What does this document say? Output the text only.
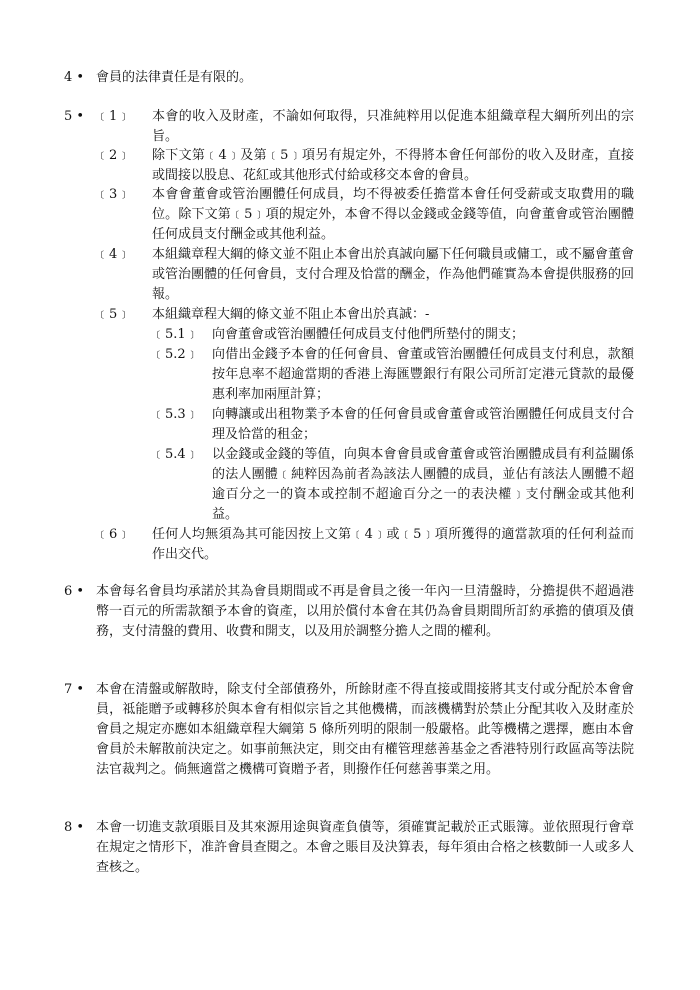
4 • 會員的法律責任是有限的。
5 • ﹝1﹞ 本會的收入及財產，不論如何取得，只准純粹用以促進本組織章程大綱所列出的宗旨。
﹝2﹞ 除下文第﹝4﹞及第﹝5﹞項另有規定外，不得將本會任何部份的收入及財產，直接或間接以股息、花紅或其他形式付給或移交本會的會員。
﹝3﹞ 本會會董會或管治團體任何成員，均不得被委任擔當本會任何受薪或支取費用的職位。除下文第﹝5﹞項的規定外，本會不得以金錢或金錢等值，向會董會或管治團體任何成員支付酬金或其他利益。
﹝4﹞ 本組織章程大綱的條文並不阻止本會出於真誠向屬下任何職員或傭工，或不屬會董會或管治團體的任何會員，支付合理及恰當的酬金，作為他們確實為本會提供服務的回報。
﹝5﹞ 本組織章程大綱的條文並不阻止本會出於真誠：-
﹝5.1﹞ 向會董會或管治團體任何成員支付他們所墊付的開支；
﹝5.2﹞ 向借出金錢予本會的任何會員、會董或管治團體任何成員支付利息，款額按年息率不超逾當期的香港上海匯豐銀行有限公司所訂定港元貸款的最優惠利率加兩厘計算；
﹝5.3﹞ 向轉讓或出租物業予本會的任何會員或會董會或管治團體任何成員支付合理及恰當的租金；
﹝5.4﹞ 以金錢或金錢的等值，向與本會會員或會董會或管治團體成員有利益關係的法人團體﹝純粹因為前者為該法人團體的成員，並佔有該法人團體不超逾百分之一的資本或控制不超逾百分之一的表決權﹞支付酬金或其他利益。
﹝6﹞ 任何人均無須為其可能因按上文第﹝4﹞或﹝5﹞項所獲得的適當款項的任何利益而作出交代。
6 • 本會每名會員均承諾於其為會員期間或不再是會員之後一年內一旦清盤時，分擔提供不超過港幣一百元的所需款額予本會的資產，以用於償付本會在其仍為會員期間所訂約承擔的債項及債務，支付清盤的費用、收費和開支，以及用於調整分擔人之間的權利。
7 • 本會在清盤或解散時，除支付全部債務外，所餘財產不得直接或間接將其支付或分配於本會會員，祗能贈予或轉移於與本會有相似宗旨之其他機構，而該機構對於禁止分配其收入及財產於會員之規定亦應如本組織章程大綱第 5 條所列明的限制一般嚴格。此等機構之選擇，應由本會會員於未解散前決定之。如事前無決定，則交由有權管理慈善基金之香港特別行政區高等法院法官裁判之。倘無適當之機構可資贈予者，則撥作任何慈善事業之用。
8 • 本會一切進支款項賬目及其來源用途與資產負債等，須確實記載於正式賬簿。並依照現行會章在規定之情形下，准許會員查閱之。本會之賬目及決算表，每年須由合格之核數師一人或多人查核之。
